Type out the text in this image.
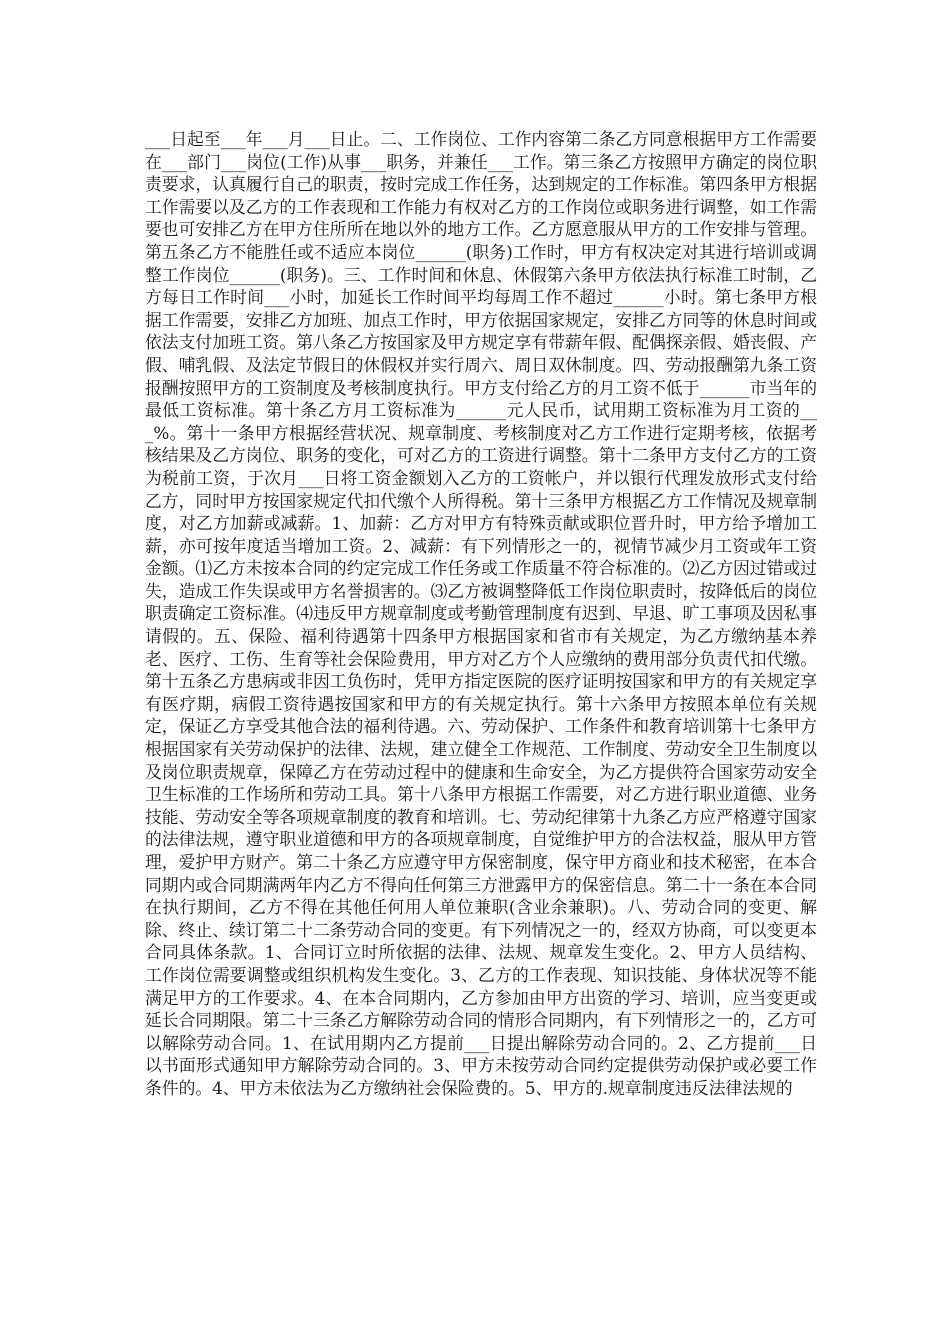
___日起至___年___月___日止。二、工作岗位、工作内容第二条乙方同意根据甲方工作需要在___部门___岗位(工作)从事___职务，并兼任___工作。第三条乙方按照甲方确定的岗位职责要求，认真履行自己的职责，按时完成工作任务，达到规定的工作标准。第四条甲方根据工作需要以及乙方的工作表现和工作能力有权对乙方的工作岗位或职务进行调整，如工作需要也可安排乙方在甲方住所所在地以外的地方工作。乙方愿意服从甲方的工作安排与管理。第五条乙方不能胜任或不适应本岗位______(职务)工作时，甲方有权决定对其进行培训或调整工作岗位______(职务)。三、工作时间和休息、休假第六条甲方依法执行标准工时制，乙方每日工作时间___小时，加延长工作时间平均每周工作不超过______小时。第七条甲方根据工作需要，安排乙方加班、加点工作时，甲方依据国家规定，安排乙方同等的休息时间或依法支付加班工资。第八条乙方按国家及甲方规定享有带薪年假、配偶探亲假、婚丧假、产假、哺乳假、及法定节假日的休假权并实行周六、周日双休制度。四、劳动报酬第九条工资报酬按照甲方的工资制度及考核制度执行。甲方支付给乙方的月工资不低于______市当年的最低工资标准。第十条乙方月工资标准为______元人民币，试用期工资标准为月工资的___%。第十一条甲方根据经营状况、规章制度、考核制度对乙方工作进行定期考核，依据考核结果及乙方岗位、职务的变化，可对乙方的工资进行调整。第十二条甲方支付乙方的工资为税前工资，于次月___日将工资金额划入乙方的工资帐户，并以银行代理发放形式支付给乙方，同时甲方按国家规定代扣代缴个人所得税。第十三条甲方根据乙方工作情况及规章制度，对乙方加薪或减薪。1、加薪：乙方对甲方有特殊贡献或职位晋升时，甲方给予增加工薪，亦可按年度适当增加工资。2、减薪：有下列情形之一的，视情节减少月工资或年工资金额。⑴乙方未按本合同的约定完成工作任务或工作质量不符合标准的。⑵乙方因过错或过失，造成工作失误或甲方名誉损害的。⑶乙方被调整降低工作岗位职责时，按降低后的岗位职责确定工资标准。⑷违反甲方规章制度或考勤管理制度有迟到、早退、旷工事项及因私事请假的。五、保险、福利待遇第十四条甲方根据国家和省市有关规定，为乙方缴纳基本养老、医疗、工伤、生育等社会保险费用，甲方对乙方个人应缴纳的费用部分负责代扣代缴。第十五条乙方患病或非因工负伤时，凭甲方指定医院的医疗证明按国家和甲方的有关规定享有医疗期，病假工资待遇按国家和甲方的有关规定执行。第十六条甲方按照本单位有关规定，保证乙方享受其他合法的福利待遇。六、劳动保护、工作条件和教育培训第十七条甲方根据国家有关劳动保护的法律、法规，建立健全工作规范、工作制度、劳动安全卫生制度以及岗位职责规章，保障乙方在劳动过程中的健康和生命安全，为乙方提供符合国家劳动安全卫生标准的工作场所和劳动工具。第十八条甲方根据工作需要，对乙方进行职业道德、业务技能、劳动安全等各项规章制度的教育和培训。七、劳动纪律第十九条乙方应严格遵守国家的法律法规，遵守职业道德和甲方的各项规章制度，自觉维护甲方的合法权益，服从甲方管理，爱护甲方财产。第二十条乙方应遵守甲方保密制度，保守甲方商业和技术秘密，在本合同期内或合同期满两年内乙方不得向任何第三方泄露甲方的保密信息。第二十一条在本合同在执行期间，乙方不得在其他任何用人单位兼职(含业余兼职)。八、劳动合同的变更、解除、终止、续订第二十二条劳动合同的变更。有下列情况之一的，经双方协商，可以变更本合同具体条款。1、合同订立时所依据的法律、法规、规章发生变化。2、甲方人员结构、工作岗位需要调整或组织机构发生变化。3、乙方的工作表现、知识技能、身体状况等不能满足甲方的工作要求。4、在本合同期内，乙方参加由甲方出资的学习、培训，应当变更或延长合同期限。第二十三条乙方解除劳动合同的情形合同期内，有下列情形之一的，乙方可以解除劳动合同。1、在试用期内乙方提前___日提出解除劳动合同的。2、乙方提前___日以书面形式通知甲方解除劳动合同的。3、甲方未按劳动合同约定提供劳动保护或必要工作条件的。4、甲方未依法为乙方缴纳社会保险费的。5、甲方的.规章制度违反法律法规的
